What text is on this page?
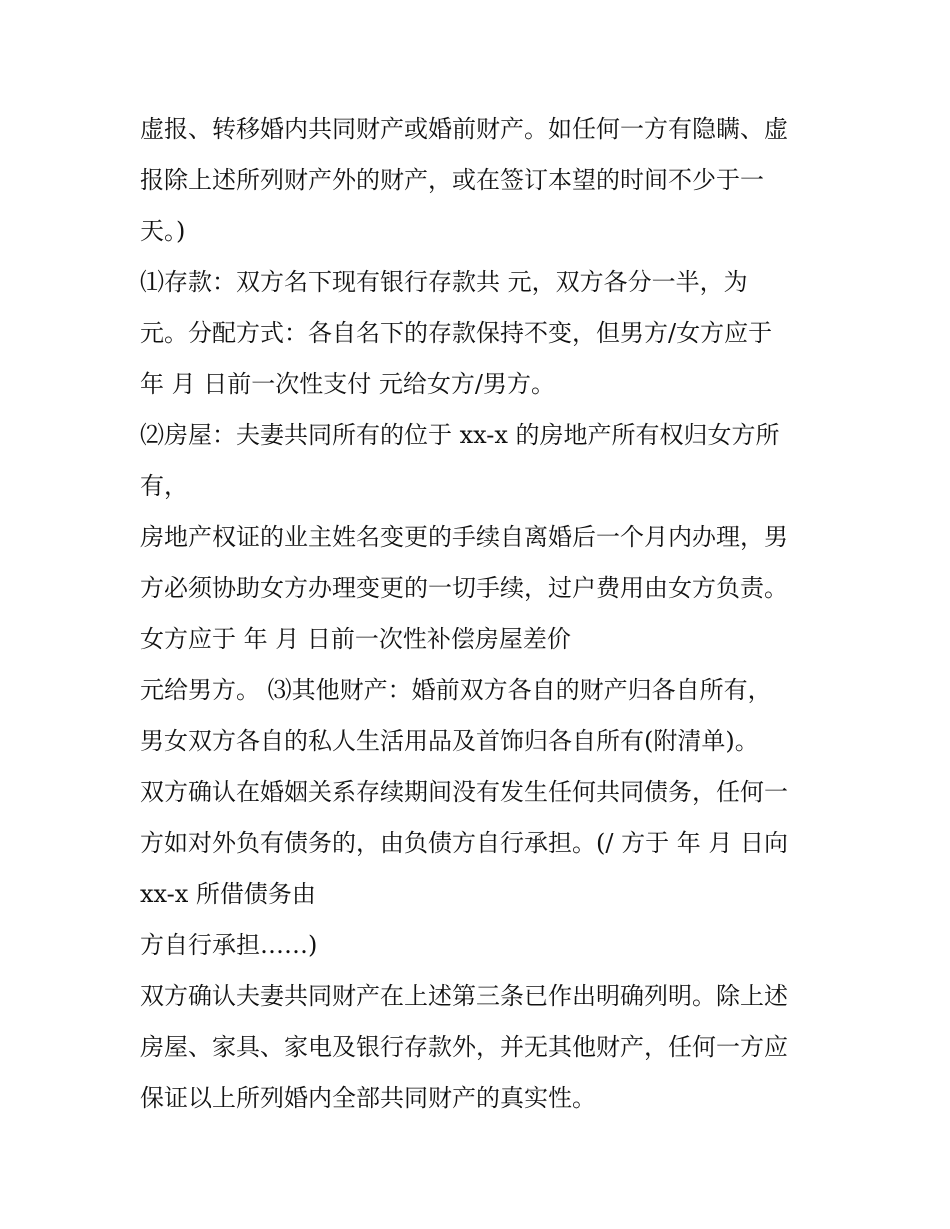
虚报、转移婚内共同财产或婚前财产。如任何一方有隐瞒、虚
报除上述所列财产外的财产，或在签订本望的时间不少于一
天。)
⑴存款：双方名下现有银行存款共 元，双方各分一半，为
元。分配方式：各自名下的存款保持不变，但男方/女方应于
年 月 日前一次性支付 元给女方/男方。
⑵房屋：夫妻共同所有的位于 xx-x 的房地产所有权归女方所
有，
房地产权证的业主姓名变更的手续自离婚后一个月内办理，男
方必须协助女方办理变更的一切手续，过户费用由女方负责。
女方应于 年 月 日前一次性补偿房屋差价
元给男方。 ⑶其他财产：婚前双方各自的财产归各自所有，
男女双方各自的私人生活用品及首饰归各自所有(附清单)。
双方确认在婚姻关系存续期间没有发生任何共同债务，任何一
方如对外负有债务的，由负债方自行承担。(/ 方于 年 月 日向
xx-x 所借债务由
方自行承担……)
双方确认夫妻共同财产在上述第三条已作出明确列明。除上述
房屋、家具、家电及银行存款外，并无其他财产，任何一方应
保证以上所列婚内全部共同财产的真实性。
